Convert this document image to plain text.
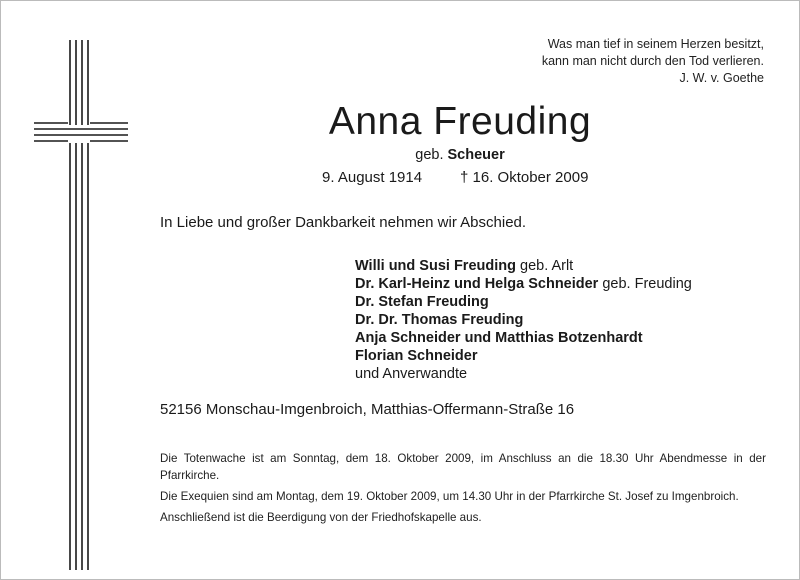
Was man tief in seinem Herzen besitzt,
kann man nicht durch den Tod verlieren.
J. W. v. Goethe
Anna Freuding
geb. Scheuer
9. August 1914	† 16. Oktober 2009
In Liebe und großer Dankbarkeit nehmen wir Abschied.
Willi und Susi Freuding geb. Arlt
Dr. Karl-Heinz und Helga Schneider geb. Freuding
Dr. Stefan Freuding
Dr. Dr. Thomas Freuding
Anja Schneider und Matthias Botzenhardt
Florian Schneider
und Anverwandte
52156 Monschau-Imgenbroich, Matthias-Offermann-Straße 16

Die Totenwache ist am Sonntag, dem 18. Oktober 2009, im Anschluss an die 18.30 Uhr Abendmesse in der Pfarrkirche.

Die Exequien sind am Montag, dem 19. Oktober 2009, um 14.30 Uhr in der Pfarrkirche St. Josef zu Imgenbroich.

Anschließend ist die Beerdigung von der Friedhofskapelle aus.
